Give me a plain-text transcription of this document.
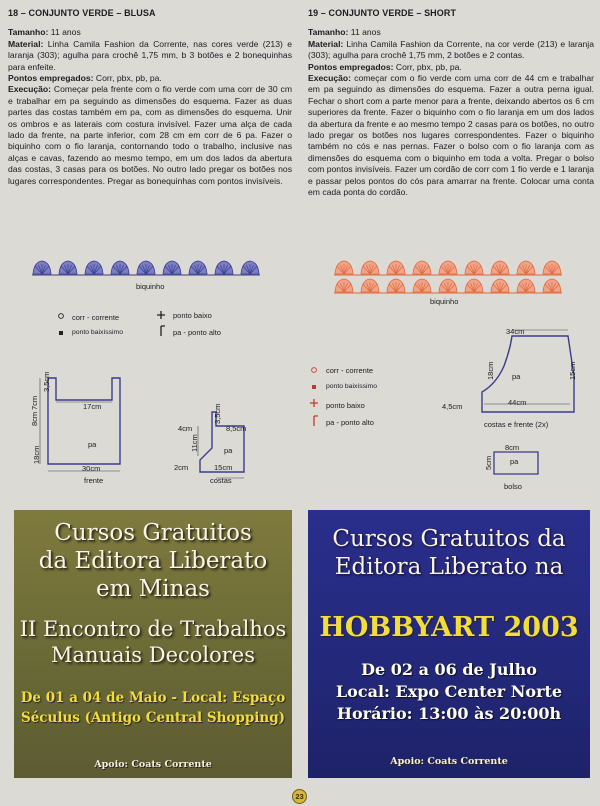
18 – CONJUNTO VERDE – BLUSA

Tamanho: 11 anos
Material: Linha Camila Fashion da Corrente, nas cores verde (213) e laranja (303); agulha para crochê 1,75 mm, b 3 botões e 2 bonequinhas para enfeite.
Pontos empregados: Corr, pbx, pb, pa.
Execução: Começar pela frente com o fio verde com uma corr de 30 cm e trabalhar em pa seguindo as dimensões do esquema. Fazer as duas partes das costas também em pa, com as dimensões do esquema. Unir os ombros e as laterais com costura invisível. Fazer uma alça de cada lado da frente, na parte inferior, com 28 cm em corr de 6 pa. Fazer o biquinho com o fio laranja, contornando todo o trabalho, inclusive nas alças e cavas, fazendo ao mesmo tempo, em um dos lados da abertura das costas, 3 casas para os botões. No outro lado pregar os botões nos lugares correspondentes. Pregar as bonequinhas com pontos invisíveis.

19 – CONJUNTO VERDE – SHORT

Tamanho: 11 anos
Material: Linha Camila Fashion da Corrente, na cor verde (213) e laranja (303); agulha para crochê 1,75 mm, 2 botões e 2 contas.
Pontos empregados: Corr, pbx, pb, pa.
Execução: começar com o fio verde com uma corr de 44 cm e trabalhar em pa seguindo as dimensões do esquema. Fazer a outra perna igual. Fechar o short com a parte menor para a frente, deixando abertos os 6 cm superiores da frente. Fazer o biquinho com o fio laranja em um dos lados da abertura da frente e ao mesmo tempo 2 casas para os botões, no outro lado pregar os botões nos lugares correspondentes. Fazer o biquinho também no cós e nas pernas. Fazer o bolso com o fio laranja com as dimensões do esquema com o biquinho em toda a volta. Pregar o bolso com pontos invisíveis. Fazer um cordão de corr com 1 fio verde e 1 laranja e passar pelos pontos do cós para amarrar na frente. Colocar uma conta em cada ponta do cordão.

biquinho
corr - corrente
ponto baixíssimo
ponto baixo
pa - ponto alto
3,5cm
8cm
7cm	17cm
pa
18cm
30cm
frente
3,5cm
4cm	8,5cm
11cm	pa
2cm	15cm
costas
biquinho
34cm
18cm pa	15cm
4,5cm	44cm
costas e frente (2x)
corr - corrente
ponto baixíssimo
ponto baixo
pa - ponto alto
8cm
5cm pa
bolso
Cursos Gratuitos
da Editora Liberato
em Minas
II Encontro de Trabalhos
Manuais Decolores
De 01 a 04 de Maio - Local: Espaço
Séculus (Antigo Central Shopping)
Apoio: Coats Corrente
Cursos Gratuitos da
Editora Liberato na
HOBBYART 2003
De 02 a 06 de Julho
Local: Expo Center Norte
Horário: 13:00 às 20:00h
Apoio: Coats Corrente
23
